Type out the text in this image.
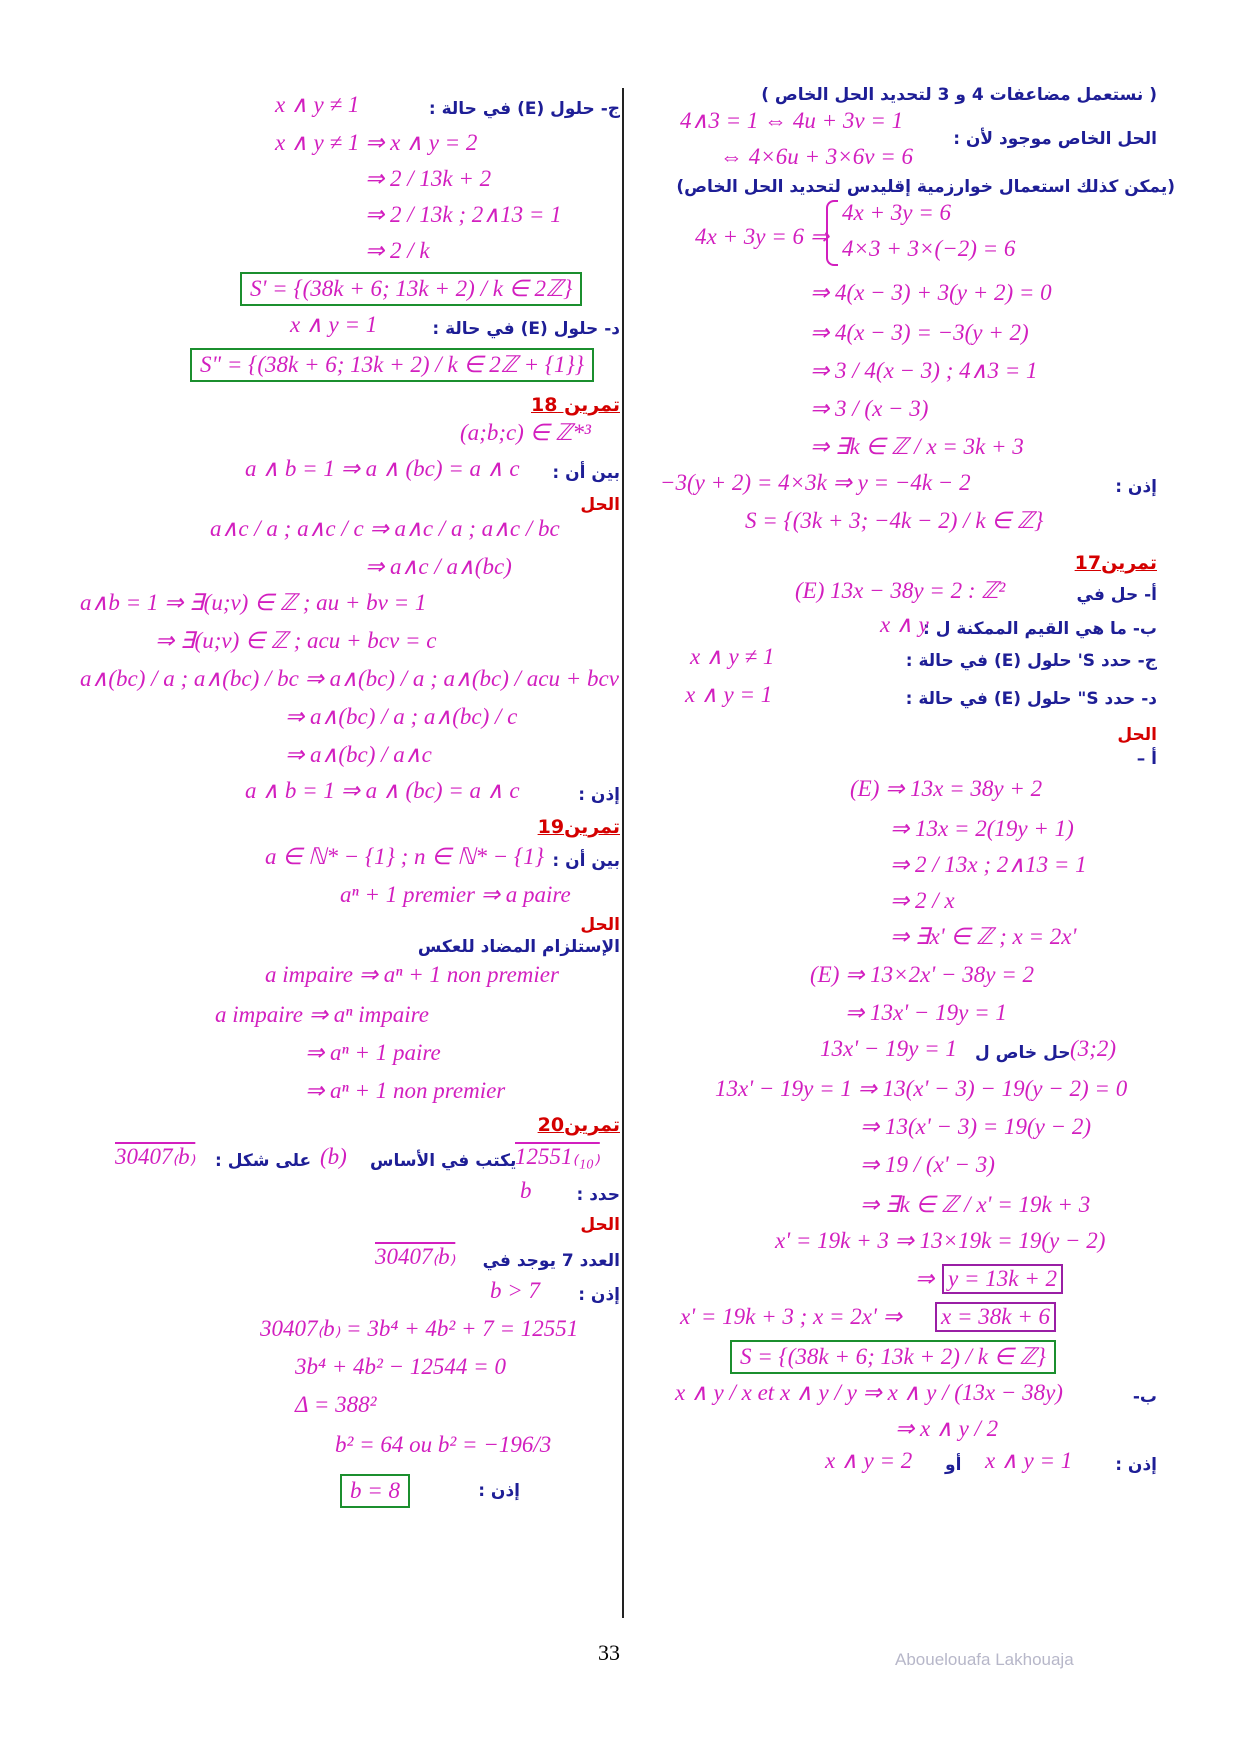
( نستعمل مضاعفات 4 و 3 لتحديد الحل الخاص )
4∧3 = 1 ⇔ 4u + 3v = 1
الحل الخاص موجود لأن :
⇔ 4×6u + 3×6v = 6
(يمكن كذلك استعمال خوارزمية إقليدس لتحديد الحل الخاص)
4x + 3y = 6 ⇒
4x + 3y = 6
4×3 + 3×(−2) = 6
⇒ 4(x − 3) + 3(y + 2) = 0
⇒ 4(x − 3) = −3(y + 2)
⇒ 3 / 4(x − 3) ; 4∧3 = 1
⇒ 3 / (x − 3)
⇒ ∃k ∈ ℤ / x = 3k + 3
إذن :
−3(y + 2) = 4×3k ⇒ y = −4k − 2
S = {(3k + 3; −4k − 2) / k ∈ ℤ}
تمرين17
أ- حل في
(E) 13x − 38y = 2 : ℤ²
ب- ما هي القيم الممكنة ل :
x ∧ y
ج- حدد S' حلول (E) في حالة :
x ∧ y ≠ 1
د- حدد S" حلول (E) في حالة :
x ∧ y = 1
الحل
أ –
(E) ⇒ 13x = 38y + 2
⇒ 13x = 2(19y + 1)
⇒ 2 / 13x ; 2∧13 = 1
⇒ 2 / x
⇒ ∃x' ∈ ℤ ; x = 2x'
(E) ⇒ 13×2x' − 38y = 2
⇒ 13x' − 19y = 1
13x' − 19y = 1 حل خاص ل (3;2)
13x' − 19y = 1 ⇒ 13(x' − 3) − 19(y − 2) = 0
⇒ 13(x' − 3) = 19(y − 2)
⇒ 19 / (x' − 3)
⇒ ∃k ∈ ℤ / x' = 19k + 3
x' = 19k + 3 ⇒ 13×19k = 19(y − 2)
⇒ y = 13k + 2
x' = 19k + 3 ; x = 2x' ⇒ x = 38k + 6
S = {(38k + 6; 13k + 2) / k ∈ ℤ}
ب-
x ∧ y / x et x ∧ y / y ⇒ x ∧ y / (13x − 38y)
⇒ x ∧ y / 2
إذن :
x ∧ y = 1
أو
x ∧ y = 2
ج- حلول (E) في حالة :
x ∧ y ≠ 1
x ∧ y ≠ 1 ⇒ x ∧ y = 2
⇒ 2 / 13k + 2
⇒ 2 / 13k ; 2∧13 = 1
⇒ 2 / k
S' = {(38k + 6; 13k + 2) / k ∈ 2ℤ}
د- حلول (E) في حالة :
x ∧ y = 1
S" = {(38k + 6; 13k + 2) / k ∈ 2ℤ + {1}}
تمرين 18
(a;b;c) ∈ ℤ*³
بين أن :
a ∧ b = 1 ⇒ a ∧ (bc) = a ∧ c
الحل
a∧c / a ; a∧c / c ⇒ a∧c / a ; a∧c / bc
⇒ a∧c / a∧(bc)
a∧b = 1 ⇒ ∃(u;v) ∈ ℤ ; au + bv = 1
⇒ ∃(u;v) ∈ ℤ ; acu + bcv = c
a∧(bc) / a ; a∧(bc) / bc ⇒ a∧(bc) / a ; a∧(bc) / acu + bcv
⇒ a∧(bc) / a ; a∧(bc) / c
⇒ a∧(bc) / a∧c
إذن :
a ∧ b = 1 ⇒ a ∧ (bc) = a ∧ c
تمرين19
بين أن :
a ∈ ℕ* − {1} ; n ∈ ℕ* − {1}
aⁿ + 1 premier ⇒ a paire
الحل
الإستلزام المضاد للعكس
a impaire ⇒ aⁿ + 1 non premier
a impaire ⇒ aⁿ impaire
⇒ aⁿ + 1 paire
⇒ aⁿ + 1 non premier
تمرين20
12551₍₁₀₎
يكتب في الأساس
(b)
على شكل :
30407₍b₎
حدد :
b
الحل
العدد 7 يوجد في
30407₍b₎
إذن :
b > 7
30407₍b₎ = 3b⁴ + 4b² + 7 = 12551
3b⁴ + 4b² − 12544 = 0
Δ = 388²
b² = 64 ou b² = −196/3
إذن :
b = 8
33	Abouelouafa Lakhouaja
